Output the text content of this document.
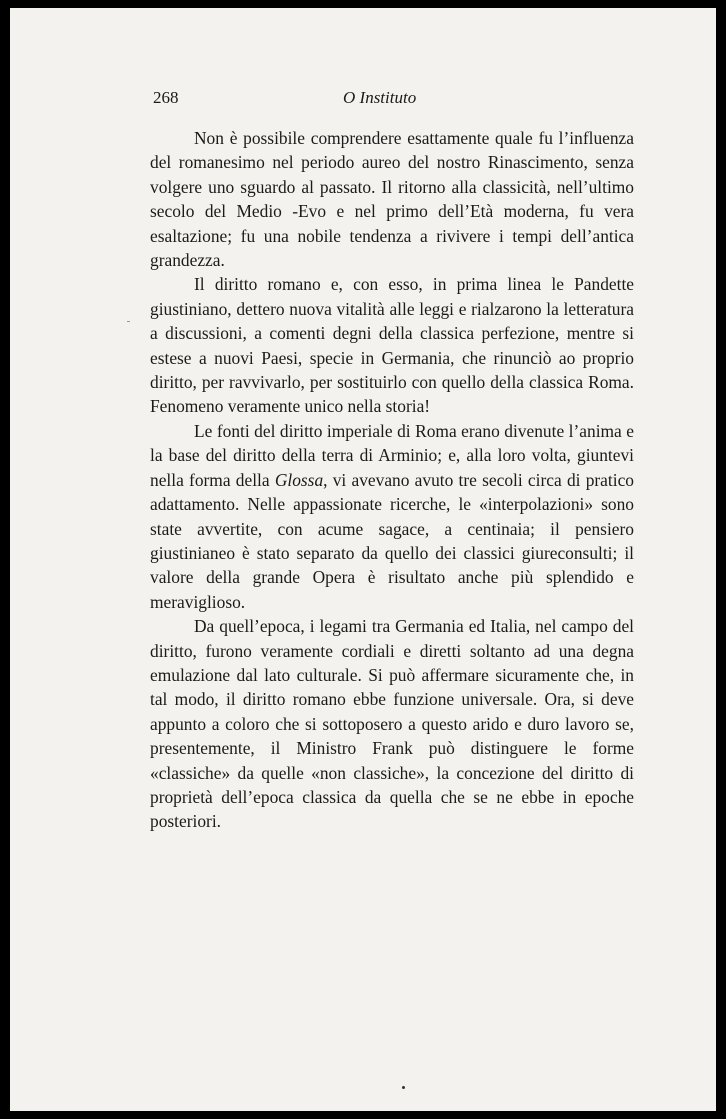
268	O Instituto

Non è possibile comprendere esattamente quale fu l’influenza del romanesimo nel periodo aureo del nostro Rinascimento, senza volgere uno sguardo al passato. Il ritorno alla classicità, nell’ultimo secolo del Medio -Evo e nel primo dell’Età moderna, fu vera esaltazione; fu una nobile tendenza a rivivere i tempi dell’antica grandezza.

Il diritto romano e, con esso, in prima linea le Pandette giustiniano, dettero nuova vitalità alle leggi e rialzarono la letteratura a discussioni, a comenti degni della classica perfezione, mentre si estese a nuovi Paesi, specie in Germania, che rinunciò ao proprio diritto, per ravvivarlo, per sostituirlo con quello della classica Roma. Fenomeno veramente unico nella storia!

Le fonti del diritto imperiale di Roma erano divenute l’anima e la base del diritto della terra di Arminio; e, alla loro volta, giuntevi nella forma della Glossa, vi avevano avuto tre secoli circa di pratico adattamento. Nelle appassionate ricerche, le «interpolazioni» sono state avvertite, con acume sagace, a centinaia; il pensiero giustinianeo è stato separato da quello dei classici giureconsulti; il valore della grande Opera è risultato anche più splendido e meraviglioso.

Da quell’epoca, i legami tra Germania ed Italia, nel campo del diritto, furono veramente cordiali e diretti soltanto ad una degna emulazione dal lato culturale. Si può affermare sicuramente che, in tal modo, il diritto romano ebbe funzione universale. Ora, si deve appunto a coloro che si sottoposero a questo arido e duro lavoro se, presentemente, il Ministro Frank può distinguere le forme «classiche» da quelle «non classiche», la concezione del diritto di proprietà dell’epoca classica da quella che se ne ebbe in epoche posteriori.
